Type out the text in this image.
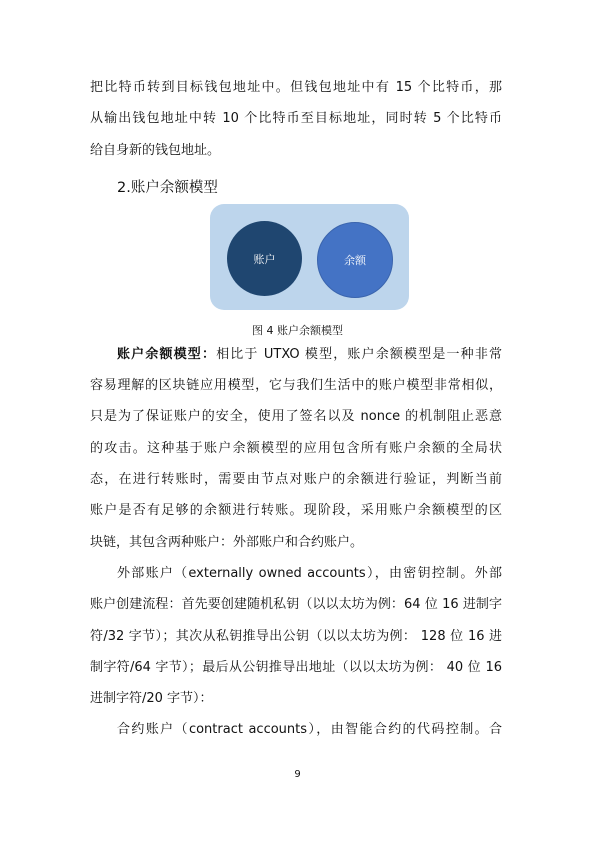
把比特币转到目标钱包地址中。但钱包地址中有 15 个比特币，那
从输出钱包地址中转 10 个比特币至目标地址，同时转 5 个比特币
给自身新的钱包地址。
2.账户余额模型
账户	余额
图 4 账户余额模型
账户余额模型：相比于 UTXO 模型，账户余额模型是一种非常
容易理解的区块链应用模型，它与我们生活中的账户模型非常相似，
只是为了保证账户的安全，使用了签名以及 nonce 的机制阻止恶意
的攻击。这种基于账户余额模型的应用包含所有账户余额的全局状
态，在进行转账时，需要由节点对账户的余额进行验证，判断当前
账户是否有足够的余额进行转账。现阶段，采用账户余额模型的区
块链，其包含两种账户：外部账户和合约账户。
外部账户（externally owned accounts），由密钥控制。外部
账户创建流程：首先要创建随机私钥（以以太坊为例：64 位 16 进制字
符/32 字节）；其次从私钥推导出公钥（以以太坊为例： 128 位 16 进
制字符/64 字节）；最后从公钥推导出地址（以以太坊为例： 40 位 16
进制字符/20 字节）：
合约账户（contract accounts），由智能合约的代码控制。合
9
